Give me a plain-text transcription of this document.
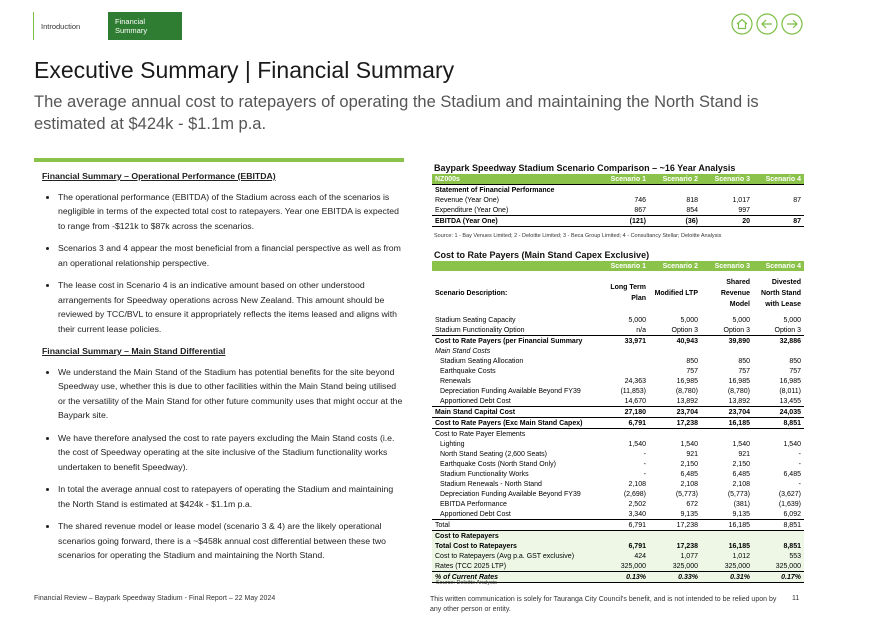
Introduction	Financial Summary
Executive Summary | Financial Summary
The average annual cost to ratepayers of operating the Stadium and maintaining the North Stand is estimated at $424k - $1.1m p.a.
Financial Summary – Operational Performance (EBITDA)
• The operational performance (EBITDA) of the Stadium across each of the scenarios is negligible in terms of the expected total cost to ratepayers. Year one EBITDA is expected to range from -$121k to $87k across the scenarios.
• Scenarios 3 and 4 appear the most beneficial from a financial perspective as well as from an operational relationship perspective.
• The lease cost in Scenario 4 is an indicative amount based on other understood arrangements for Speedway operations across New Zealand. This amount should be reviewed by TCC/BVL to ensure it appropriately reflects the items leased and aligns with their current lease policies.
Financial Summary – Main Stand Differential
• We understand the Main Stand of the Stadium has potential benefits for the site beyond Speedway use, whether this is due to other facilities within the Main Stand being utilised or the versatility of the Main Stand for other future community uses that might occur at the Baypark site.
• We have therefore analysed the cost to rate payers excluding the Main Stand costs (i.e. the cost of Speedway operating at the site inclusive of the Stadium functionality works undertaken to benefit Speedway).
• In total the average annual cost to ratepayers of operating the Stadium and maintaining the North Stand is estimated at $424k - $1.1m p.a.
• The shared revenue model or lease model (scenario 3 & 4) are the likely operational scenarios going forward, there is a ~$458k annual cost differential between these two scenarios for operating the Stadium and maintaining the North Stand.
Baypark Speedway Stadium Scenario Comparison – ~16 Year Analysis
NZ000s	Scenario 1	Scenario 2	Scenario 3	Scenario 4
Statement of Financial Performance				
Revenue (Year One)	746	818	1,017	87
Expenditure (Year One)	867	854	997	
EBITDA (Year One)	(121)	(36)	20	87
Source: 1 - Bay Venues Limited; 2 - Deloitte Limited; 3 - Beca Group Limited; 4 - Consultancy Stellar; Deloitte Analysis
Cost to Rate Payers (Main Stand Capex Exclusive)
	Scenario 1	Scenario 2	Scenario 3	Scenario 4
Scenario Description:	Long Term Plan	Modified LTP	Shared Revenue Model	Divested North Stand with Lease
Stadium Seating Capacity	5,000	5,000	5,000	5,000
Stadium Functionality Option	n/a	Option 3	Option 3	Option 3
Cost to Rate Payers (per Financial Summary	33,971	40,943	39,890	32,886
Main Stand Costs				
Stadium Seating Allocation		850	850	850
Earthquake Costs		757	757	757
Renewals	24,363	16,985	16,985	16,985
Depreciation Funding Available Beyond FY39	(11,853)	(8,780)	(8,780)	(8,011)
Apportioned Debt Cost	14,670	13,892	13,892	13,455
Main Stand Capital Cost	27,180	23,704	23,704	24,035
Cost to Rate Payers (Exc Main Stand Capex)	6,791	17,238	16,185	8,851
Cost to Rate Payer Elements				
Lighting	1,540	1,540	1,540	1,540
North Stand Seating (2,600 Seats)	-	921	921	-
Earthquake Costs (North Stand Only)	-	2,150	2,150	-
Stadium Functionality Works	-	6,485	6,485	6,485
Stadium Renewals - North Stand	2,108	2,108	2,108	-
Depreciation Funding Available Beyond FY39	(2,698)	(5,773)	(5,773)	(3,627)
EBITDA Performance	2,502	672	(381)	(1,639)
Apportioned Debt Cost	3,340	9,135	9,135	6,092
Total	6,791	17,238	16,185	8,851
Cost to Ratepayers				
Total Cost to Ratepayers	6,791	17,238	16,185	8,851
Cost to Ratepayers (Avg p.a. GST exclusive)	424	1,077	1,012	553
Rates (TCC 2025 LTP)	325,000	325,000	325,000	325,000
% of Current Rates	0.13%	0.33%	0.31%	0.17%
Source: Deloitte Analysis
Financial Review – Baypark Speedway Stadium - Final Report – 22 May 2024	This written communication is solely for Tauranga City Council's benefit, and is not intended to be relied upon by any other person or entity.
11
